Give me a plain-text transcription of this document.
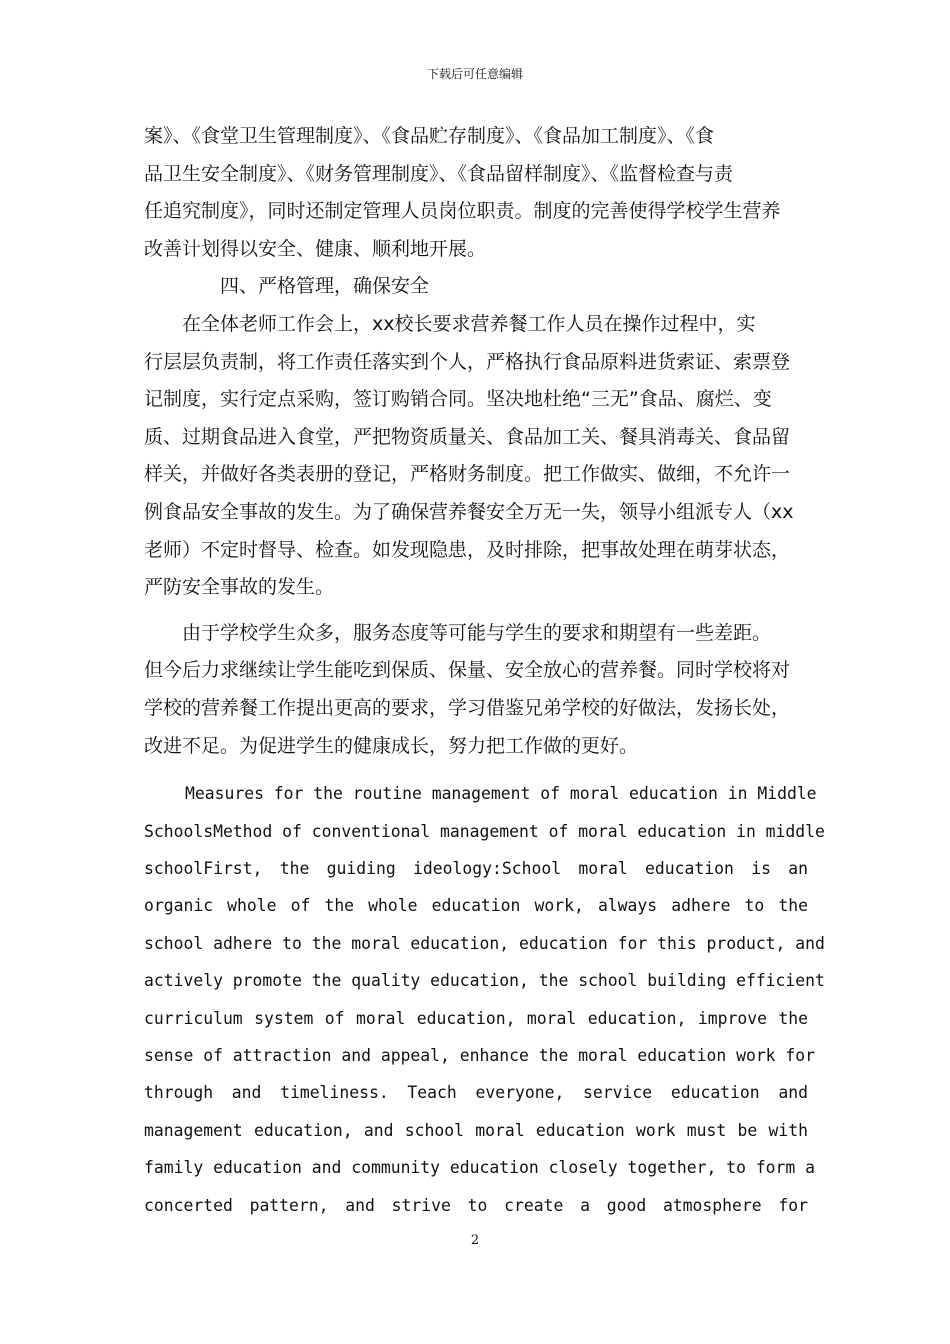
下载后可任意编辑

案》、《食堂卫生管理制度》、《食品贮存制度》、《食品加工制度》、《食

品卫生安全制度》、《财务管理制度》、《食品留样制度》、《监督检查与责

任追究制度》，同时还制定管理人员岗位职责。制度的完善使得学校学生营养

改善计划得以安全、健康、顺利地开展。

四、严格管理，确保安全

　　在全体老师工作会上，xx校长要求营养餐工作人员在操作过程中，实

行层层负责制，将工作责任落实到个人，严格执行食品原料进货索证、索票登

记制度，实行定点采购，签订购销合同。坚决地杜绝“三无”食品、腐烂、变

质、过期食品进入食堂，严把物资质量关、食品加工关、餐具消毒关、食品留

样关，并做好各类表册的登记，严格财务制度。把工作做实、做细，不允许一

例食品安全事故的发生。为了确保营养餐安全万无一失，领导小组派专人（xx

老师）不定时督导、检查。如发现隐患，及时排除，把事故处理在萌芽状态，

严防安全事故的发生。

　　由于学校学生众多，服务态度等可能与学生的要求和期望有一些差距。

但今后力求继续让学生能吃到保质、保量、安全放心的营养餐。同时学校将对

学校的营养餐工作提出更高的要求，学习借鉴兄弟学校的好做法，发扬长处，

改进不足。为促进学生的健康成长，努力把工作做的更好。

Measures for the routine management of moral education in Middle

SchoolsMethod of conventional management of moral education in middle

schoolFirst, the guiding ideology:School moral education is an

organic whole of the whole education work, always adhere to the

school adhere to the moral education, education for this product, and

actively promote the quality education, the school building efficient

curriculum system of moral education, moral education, improve the

sense of attraction and appeal, enhance the moral education work for

through and timeliness. Teach everyone, service education and

management education, and school moral education work must be with

family education and community education closely together, to form a

concerted pattern, and strive to create a good atmosphere for

2
